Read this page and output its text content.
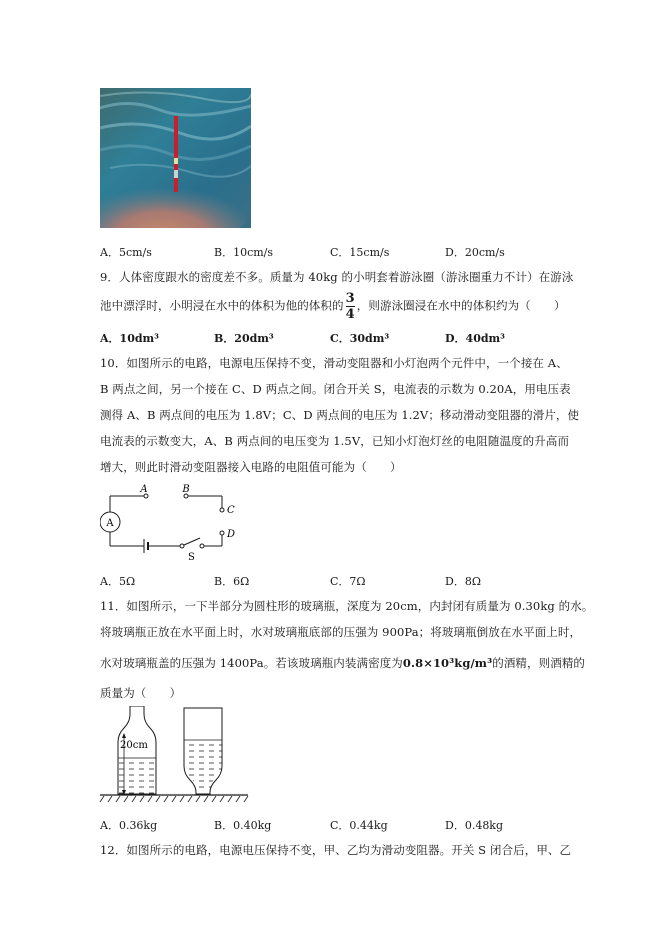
A．5cm/s	B．10cm/s	C．15cm/s	D．20cm/s
9．人体密度跟水的密度差不多。质量为 40kg 的小明套着游泳圈（游泳圈重力不计）在游泳
池中漂浮时，小明浸在水中的体积为他的体积的 $\frac{3}{4}$ ，则游泳圈浸在水中的体积约为（　　）
A．10dm³	B．20dm³	C．30dm³	D．40dm³
10．如图所示的电路，电源电压保持不变，滑动变阻器和小灯泡两个元件中，一个接在 A、
B 两点之间，另一个接在 C、D 两点之间。闭合开关 S，电流表的示数为 0.20A，用电压表
测得 A、B 两点间的电压为 1.8V；C、D 两点间的电压为 1.2V；移动滑动变阻器的滑片，使
电流表的示数变大，A、B 两点间的电压变为 1.5V，已知小灯泡灯丝的电阻随温度的升高而
增大，则此时滑动变阻器接入电路的电阻值可能为（　　）
A	B
C
D
A
S
A．5Ω	B．6Ω	C．7Ω	D．8Ω
11．如图所示，一下半部分为圆柱形的玻璃瓶，深度为 20cm，内封闭有质量为 0.30kg 的水。
将玻璃瓶正放在水平面上时，水对玻璃瓶底部的压强为 900Pa；将玻璃瓶倒放在水平面上时，
水对玻璃瓶盖的压强为 1400Pa。若该玻璃瓶内装满密度为0.8×10³kg/m³的酒精，则酒精的
质量为（　　）
20cm
A．0.36kg	B．0.40kg	C．0.44kg	D．0.48kg
12．如图所示的电路，电源电压保持不变，甲、乙均为滑动变阻器。开关 S 闭合后，甲、乙
